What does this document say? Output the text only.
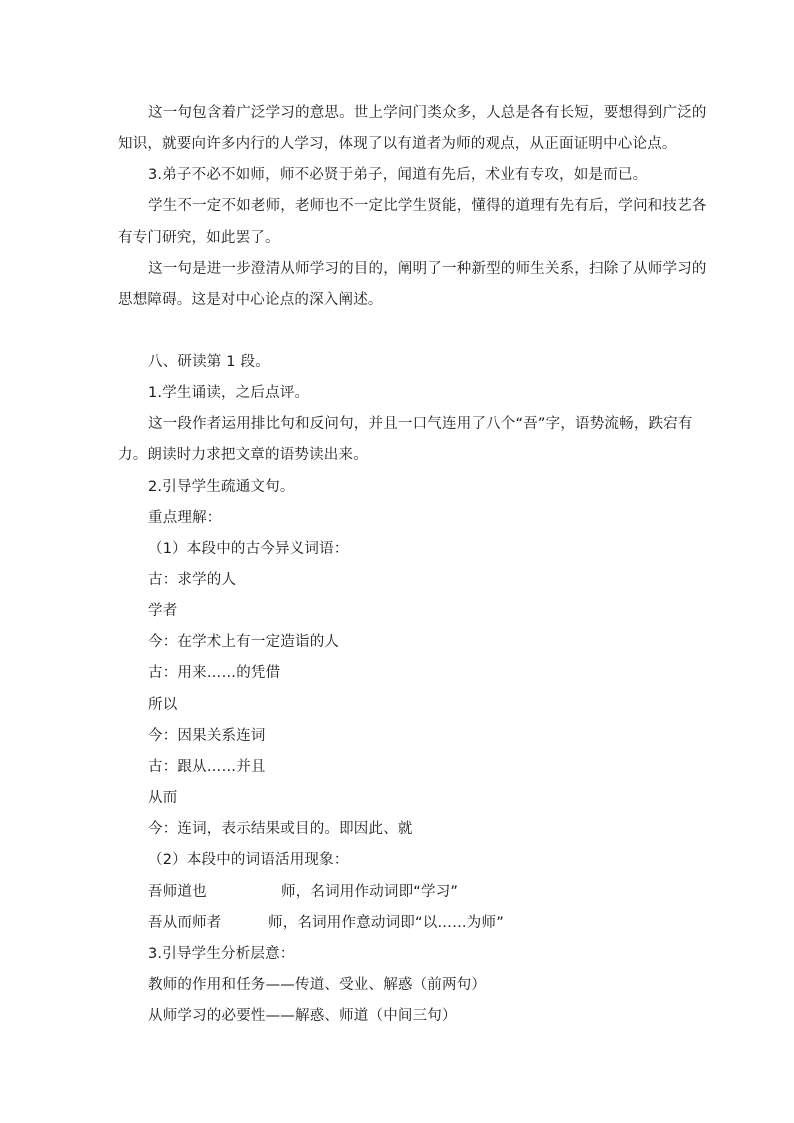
这一句包含着广泛学习的意思。世上学问门类众多，人总是各有长短，要想得到广泛的
知识，就要向许多内行的人学习，体现了以有道者为师的观点，从正面证明中心论点。
3.弟子不必不如师，师不必贤于弟子，闻道有先后，术业有专攻，如是而已。
学生不一定不如老师，老师也不一定比学生贤能，懂得的道理有先有后，学问和技艺各
有专门研究，如此罢了。
这一句是进一步澄清从师学习的目的，阐明了一种新型的师生关系，扫除了从师学习的
思想障碍。这是对中心论点的深入阐述。
八、研读第 1 段。
1.学生诵读，之后点评。
这一段作者运用排比句和反问句，并且一口气连用了八个“吾”字，语势流畅，跌宕有
力。朗读时力求把文章的语势读出来。
2.引导学生疏通文句。
重点理解：
（1）本段中的古今异义词语：
古：求学的人
学者
今：在学术上有一定造诣的人
古：用来……的凭借
所以
今：因果关系连词
古：跟从……并且
从而
今：连词，表示结果或目的。即因此、就
（2）本段中的词语活用现象：
吾师道也	师，名词用作动词即“学习”
吾从而师者	师，名词用作意动词即“以……为师”
3.引导学生分析层意：
教师的作用和任务——传道、受业、解惑（前两句）
从师学习的必要性——解惑、师道（中间三句）
